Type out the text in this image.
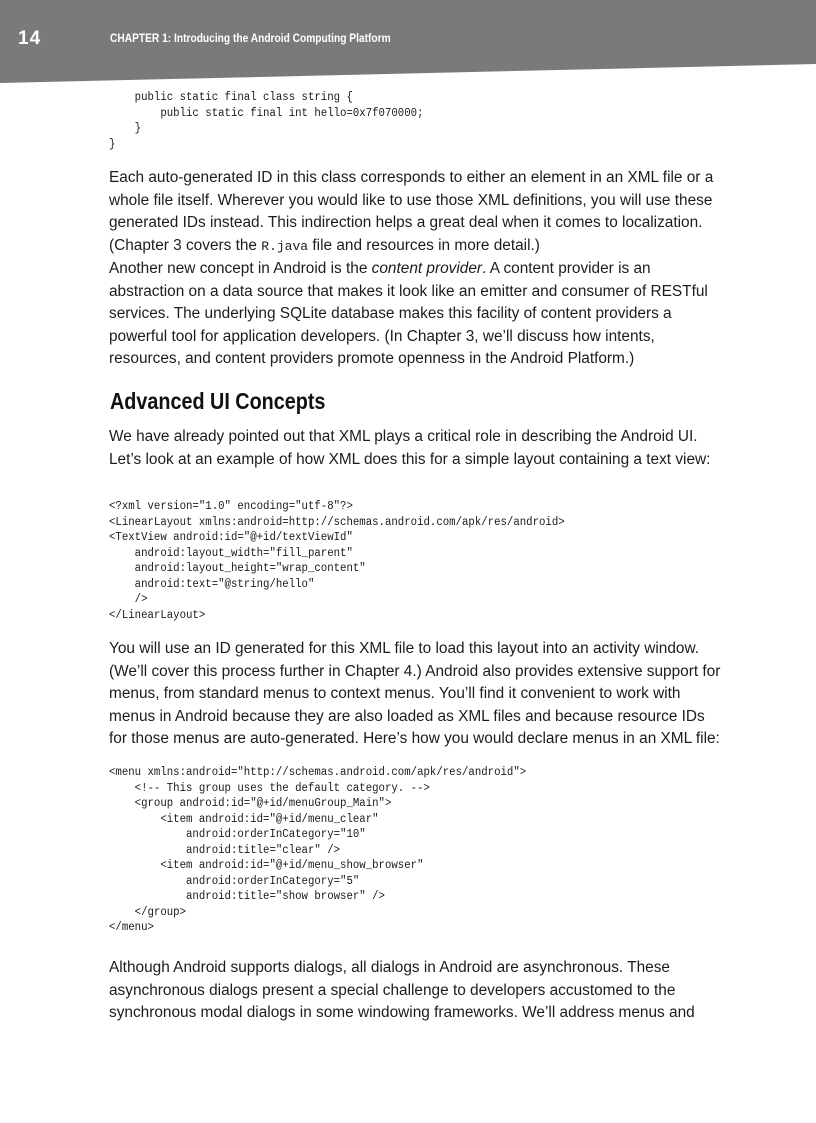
14	CHAPTER 1: Introducing the Android Computing Platform
public static final class string {
public static final int hello=0x7f070000;
}
}

Each auto-generated ID in this class corresponds to either an element in an XML file or a whole file itself. Wherever you would like to use those XML definitions, you will use these generated IDs instead. This indirection helps a great deal when it comes to localization. (Chapter 3 covers the R.java file and resources in more detail.)

Another new concept in Android is the content provider. A content provider is an abstraction on a data source that makes it look like an emitter and consumer of RESTful services. The underlying SQLite database makes this facility of content providers a powerful tool for application developers. (In Chapter 3, we’ll discuss how intents, resources, and content providers promote openness in the Android Platform.)

Advanced UI Concepts

We have already pointed out that XML plays a critical role in describing the Android UI. Let’s look at an example of how XML does this for a simple layout containing a text view:

<?xml version="1.0" encoding="utf-8"?>
<LinearLayout xmlns:android=http://schemas.android.com/apk/res/android>
<TextView android:id="@+id/textViewId"
android:layout_width="fill_parent"
android:layout_height="wrap_content"
android:text="@string/hello"
/>
</LinearLayout>

You will use an ID generated for this XML file to load this layout into an activity window. (We’ll cover this process further in Chapter 4.) Android also provides extensive support for menus, from standard menus to context menus. You’ll find it convenient to work with menus in Android because they are also loaded as XML files and because resource IDs for those menus are auto-generated. Here’s how you would declare menus in an XML file:

<menu xmlns:android="http://schemas.android.com/apk/res/android">
<!-- This group uses the default category. -->
<group android:id="@+id/menuGroup_Main">
<item android:id="@+id/menu_clear"
android:orderInCategory="10"
android:title="clear" />
<item android:id="@+id/menu_show_browser"
android:orderInCategory="5"
android:title="show browser" />
</group>
</menu>

Although Android supports dialogs, all dialogs in Android are asynchronous. These asynchronous dialogs present a special challenge to developers accustomed to the synchronous modal dialogs in some windowing frameworks. We’ll address menus and
